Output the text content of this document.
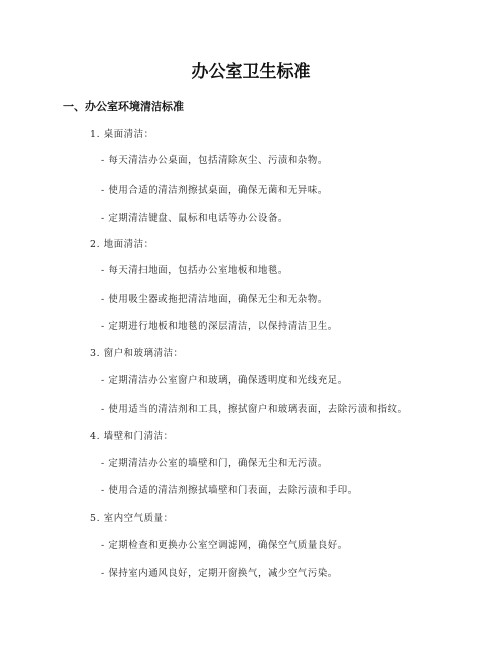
办公室卫生标准
一、办公室环境清洁标准
1. 桌面清洁：
- 每天清洁办公桌面，包括清除灰尘、污渍和杂物。
- 使用合适的清洁剂擦拭桌面，确保无菌和无异味。
- 定期清洁键盘、鼠标和电话等办公设备。
2. 地面清洁：
- 每天清扫地面，包括办公室地板和地毯。
- 使用吸尘器或拖把清洁地面，确保无尘和无杂物。
- 定期进行地板和地毯的深层清洁，以保持清洁卫生。
3. 窗户和玻璃清洁：
- 定期清洁办公室窗户和玻璃，确保透明度和光线充足。
- 使用适当的清洁剂和工具，擦拭窗户和玻璃表面，去除污渍和指纹。
4. 墙壁和门清洁：
- 定期清洁办公室的墙壁和门，确保无尘和无污渍。
- 使用合适的清洁剂擦拭墙壁和门表面，去除污渍和手印。
5. 室内空气质量：
- 定期检查和更换办公室空调滤网，确保空气质量良好。
- 保持室内通风良好，定期开窗换气，减少空气污染。
